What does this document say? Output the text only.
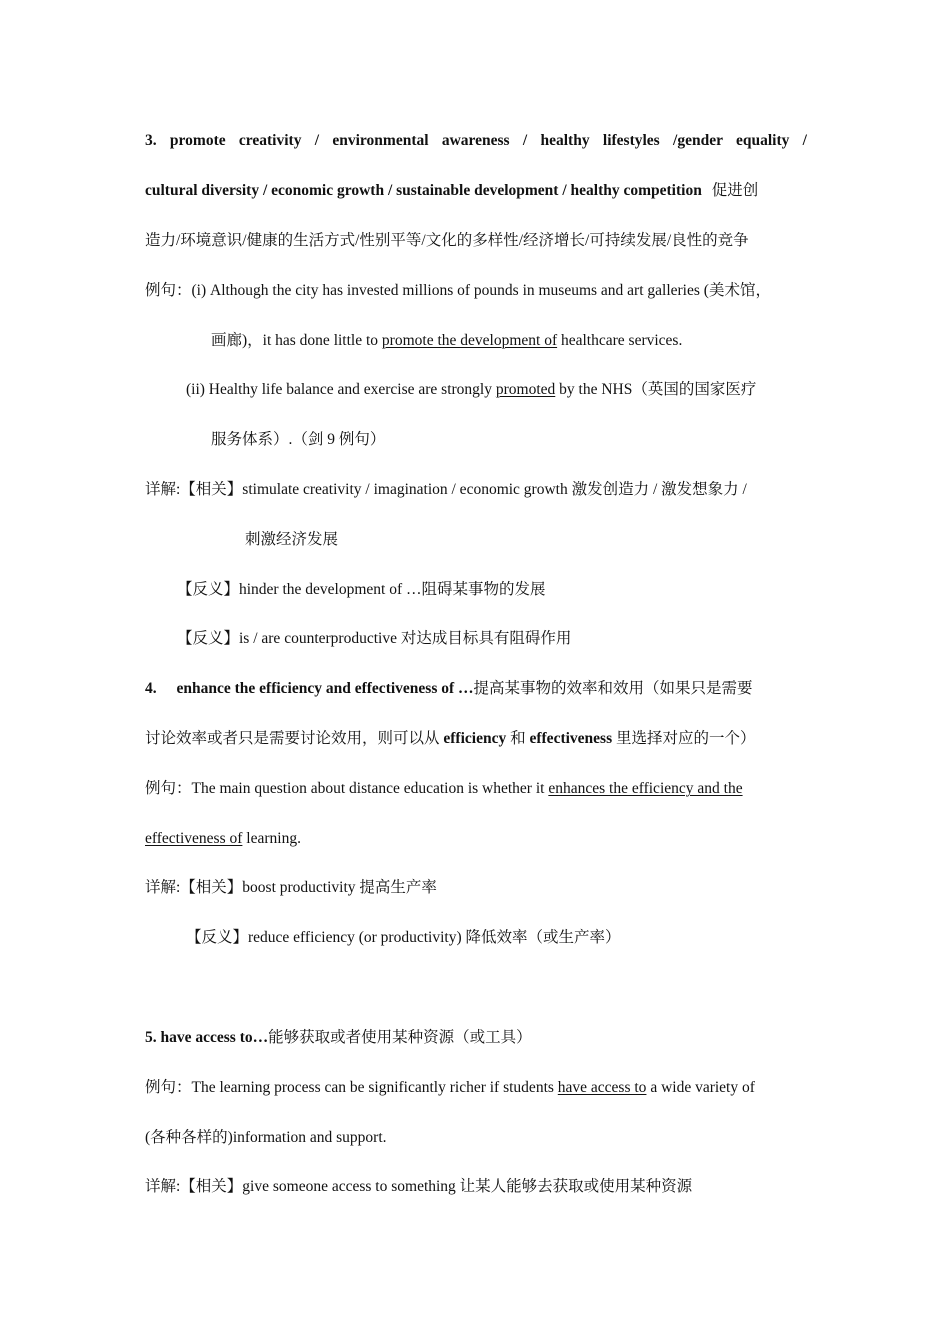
3. promote creativity / environmental awareness / healthy lifestyles /gender equality /
cultural diversity / economic growth / sustainable development / healthy competition 促进创
造力/环境意识/健康的生活方式/性别平等/文化的多样性/经济增长/可持续发展/良性的竞争
例句：(i) Although the city has invested millions of pounds in museums and art galleries (美术馆，
画廊)，it has done little to promote the development of healthcare services.
(ii) Healthy life balance and exercise are strongly promoted by the NHS（英国的国家医疗
服务体系）.（剑 9 例句）
详解:【相关】stimulate creativity / imagination / economic growth 激发创造力 / 激发想象力 /
刺激经济发展
【反义】hinder the development of …阻碍某事物的发展
【反义】is / are counterproductive 对达成目标具有阻碍作用
4. enhance the efficiency and effectiveness of …提高某事物的效率和效用（如果只是需要
讨论效率或者只是需要讨论效用，则可以从 efficiency 和 effectiveness 里选择对应的一个）
例句：The main question about distance education is whether it enhances the efficiency and the
effectiveness of learning.
详解:【相关】boost productivity 提高生产率
【反义】reduce efficiency (or productivity) 降低效率（或生产率）
5. have access to…能够获取或者使用某种资源（或工具）
例句：The learning process can be significantly richer if students have access to a wide variety of
(各种各样的)information and support.
详解:【相关】give someone access to something 让某人能够去获取或使用某种资源
